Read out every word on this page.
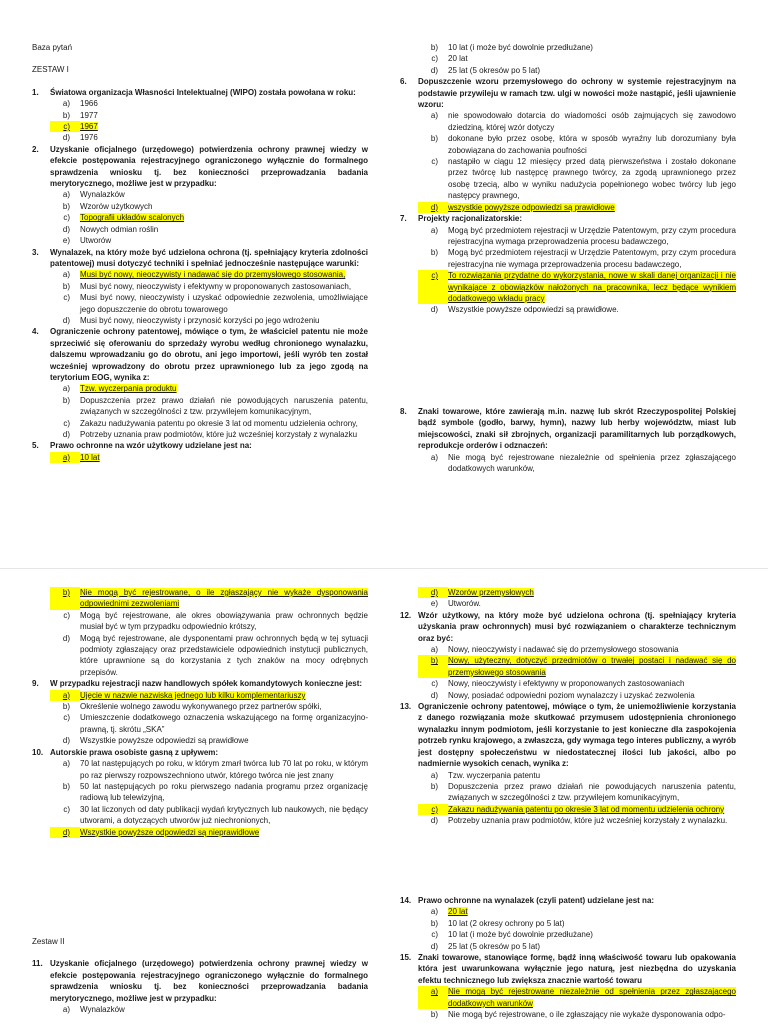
Baza pytań

ZESTAW I

1.	Światowa organizacja Własności Intelektualnej (WIPO) została powołana w roku:
a)	1966
b)	1977
c)	1967
d)	1976
2.	Uzyskanie oficjalnego (urzędowego) potwierdzenia ochrony prawnej wiedzy w efekcie postępowania rejestracyjnego ograniczonego wyłącznie do formalnego sprawdzenia wniosku tj. bez konieczności przeprowadzania badania merytorycznego, możliwe jest w przypadku:
a)	Wynalazków
b)	Wzorów użytkowych
c)	Topografii układów scalonych
d)	Nowych odmian roślin
e)	Utworów
3.	Wynalazek, na który może być udzielona ochrona (tj. spełniający kryteria zdolności patentowej) musi dotyczyć techniki i spełniać jednocześnie następujące warunki:
a)	Musi być nowy, nieoczywisty i nadawać się do przemysłowego stosowania,
b)	Musi być nowy, nieoczywisty i efektywny w proponowanych zastosowaniach,
c)	Musi być nowy, nieoczywisty i uzyskać odpowiednie zezwolenia, umożliwiające jego dopuszczenie do obrotu towarowego
d)	Musi być nowy, nieoczywisty i przynosić korzyści po jego wdrożeniu
4.	Ograniczenie ochrony patentowej, mówiące o tym, że właściciel patentu nie może sprzeciwić się oferowaniu do sprzedaży wyrobu według chronionego wynalazku, dalszemu wprowadzaniu go do obrotu, ani jego importowi, jeśli wyrób ten został wcześniej wprowadzony do obrotu przez uprawnionego lub za jego zgodą na terytorium EOG, wynika z:
a)	Tzw. wyczerpania produktu
b)	Dopuszczenia przez prawo działań nie powodujących naruszenia patentu, związanych w szczególności z tzw. przywilejem komunikacyjnym,
c)	Zakazu nadużywania patentu po okresie 3 lat od momentu udzielenia ochrony,
d)	Potrzeby uznania praw podmiotów, które już wcześniej korzystały z wynalazku
5.	Prawo ochronne na wzór użytkowy udzielane jest na:
a)	10 lat
b)	10 lat (i może być dowolnie przedłużane)
c)	20 lat
d)	25 lat (5 okresów po 5 lat)
6.	Dopuszczenie wzoru przemysłowego do ochrony w systemie rejestracyjnym na podstawie przywileju w ramach tzw. ulgi w nowości może nastąpić, jeśli ujawnienie wzoru:
a)	nie spowodowało dotarcia do wiadomości osób zajmujących się zawodowo dziedziną, której wzór dotyczy
b)	dokonane było przez osobę, która w sposób wyraźny lub dorozumiany była zobowiązana do zachowania poufności
c)	nastąpiło w ciągu 12 miesięcy przed datą pierwszeństwa i zostało dokonane przez twórcę lub następcę prawnego twórcy, za zgodą uprawnionego przez osobę trzecią, albo w wyniku nadużycia popełnionego wobec twórcy lub jego następcy prawnego,
d)	wszystkie powyższe odpowiedzi są prawidłowe
7.	Projekty racjonalizatorskie:
a)	Mogą być przedmiotem rejestracji w Urzędzie Patentowym, przy czym procedura rejestracyjna wymaga przeprowadzenia procesu badawczego,
b)	Mogą być przedmiotem rejestracji w Urzędzie Patentowym, przy czym procedura rejestracyjna nie wymaga przeprowadzenia procesu badawczego,
c)	To rozwiązania przydatne do wykorzystania, nowe w skali danej organizacji i nie wynikające z obowiązków nałożonych na pracownika, lecz będące wynikiem dodatkowego wkładu pracy
d)	Wszystkie powyższe odpowiedzi są prawidłowe.
8.	Znaki towarowe, które zawierają m.in. nazwę lub skrót Rzeczypospolitej Polskiej bądź symbole (godło, barwy, hymn), nazwy lub herby województw, miast lub miejscowości, znaki sił zbrojnych, organizacji paramilitarnych lub porządkowych, reprodukcje orderów i odznaczeń:
a)	Nie mogą być rejestrowane niezależnie od spełnienia przez zgłaszającego dodatkowych warunków,
b)	Nie mogą być rejestrowane, o ile zgłaszający nie wykaże dysponowania odpowiednimi zezwoleniami
c)	Mogą być rejestrowane, ale okres obowiązywania praw ochronnych będzie musiał być w tym przypadku odpowiednio krótszy,
d)	Mogą być rejestrowane, ale dysponentami praw ochronnych będą w tej sytuacji podmioty zgłaszający oraz przedstawiciele odpowiednich instytucji publicznych, które uprawnione są do korzystania z tych znaków na mocy odrębnych przepisów.
9.	W przypadku rejestracji nazw handlowych spółek komandytowych konieczne jest:
a)	Ujęcie w nazwie nazwiska jednego lub kilku komplementariuszy
b)	Określenie wolnego zawodu wykonywanego przez partnerów spółki,
c)	Umieszczenie dodatkowego oznaczenia wskazującego na formę organizacyjno-prawną, tj. skrótu „SKA”
d)	Wszystkie powyższe odpowiedzi są prawidłowe
10. Autorskie prawa osobiste gasną z upływem:
a)	70 lat następujących po roku, w którym zmarł twórca lub 70 lat po roku, w którym po raz pierwszy rozpowszechniono utwór, którego twórca nie jest znany
b)	50 lat następujących po roku pierwszego nadania programu przez organizację radiową lub telewizyjną,
c)	30 lat liczonych od daty publikacji wydań krytycznych lub naukowych, nie będący utworami, a dotyczących utworów już niechronionych,
d)	Wszystkie powyższe odpowiedzi są nieprawidłowe

Zestaw II

11. Uzyskanie oficjalnego (urzędowego) potwierdzenia ochrony prawnej wiedzy w efekcie postępowania rejestracyjnego ograniczonego wyłącznie do formalnego sprawdzenia wniosku tj. bez konieczności przeprowadzania badania merytorycznego, możliwe jest w przypadku:
a)	Wynalazków
d)	Wzorów przemysłowych
e)	Utworów.
12. Wzór użytkowy, na który może być udzielona ochrona (tj. spełniający kryteria użyskania praw ochronnych) musi być rozwiązaniem o charakterze technicznym oraz być:
a)	Nowy, nieoczywisty i nadawać się do przemysłowego stosowania
b)	Nowy, użyteczny, dotyczyć przedmiotów o trwałej postaci i nadawać się do przemysłowego stosowania
c)	Nowy, nieoczywisty i efektywny w proponowanych zastosowaniach
d)	Nowy, posiadać odpowiedni poziom wynalazczy i uzyskać zezwolenia
13. Ograniczenie ochrony patentowej, mówiące o tym, że uniemożliwienie korzystania z danego rozwiązania może skutkować przymusem udostępnienia chronionego wynalazku innym podmiotom, jeśli korzystanie to jest konieczne dla zaspokojenia potrzeb rynku krajowego, a zwłaszcza, gdy wymaga tego interes publiczny, a wyrób jest dostępny społeczeństwu w niedostatecznej ilości lub jakości, albo po nadmiernie wysokich cenach, wynika z:
a)	Tzw. wyczerpania patentu
b)	Dopuszczenia przez prawo działań nie powodujących naruszenia patentu, związanych w szczególności z tzw. przywilejem komunikacyjnym,
c)	Zakazu nadużywania patentu po okresie 3 lat od momentu udzielenia ochrony
d)	Potrzeby uznania praw podmiotów, które już wcześniej korzystały z wynalazku.
14. Prawo ochronne na wynalazek (czyli patent) udzielane jest na:
a)	20 lat
b)	10 lat (2 okresy ochrony po 5 lat)
c)	10 lat (i może być dowolnie przedłużane)
d)	25 lat (5 okresów po 5 lat)
15. Znaki towarowe, stanowiące formę, bądź inną właściwość towaru lub opakowania która jest uwarunkowana wyłącznie jego naturą, jest niezbędna do uzyskania efektu technicznego lub zwiększa znacznie wartość towaru
a)	Nie mogą być rejestrowane niezależnie od spełnienia przez zgłaszającego dodatkowych warunków
b)	Nie mogą być rejestrowane, o ile zgłaszający nie wykaże dysponowania odpo-
